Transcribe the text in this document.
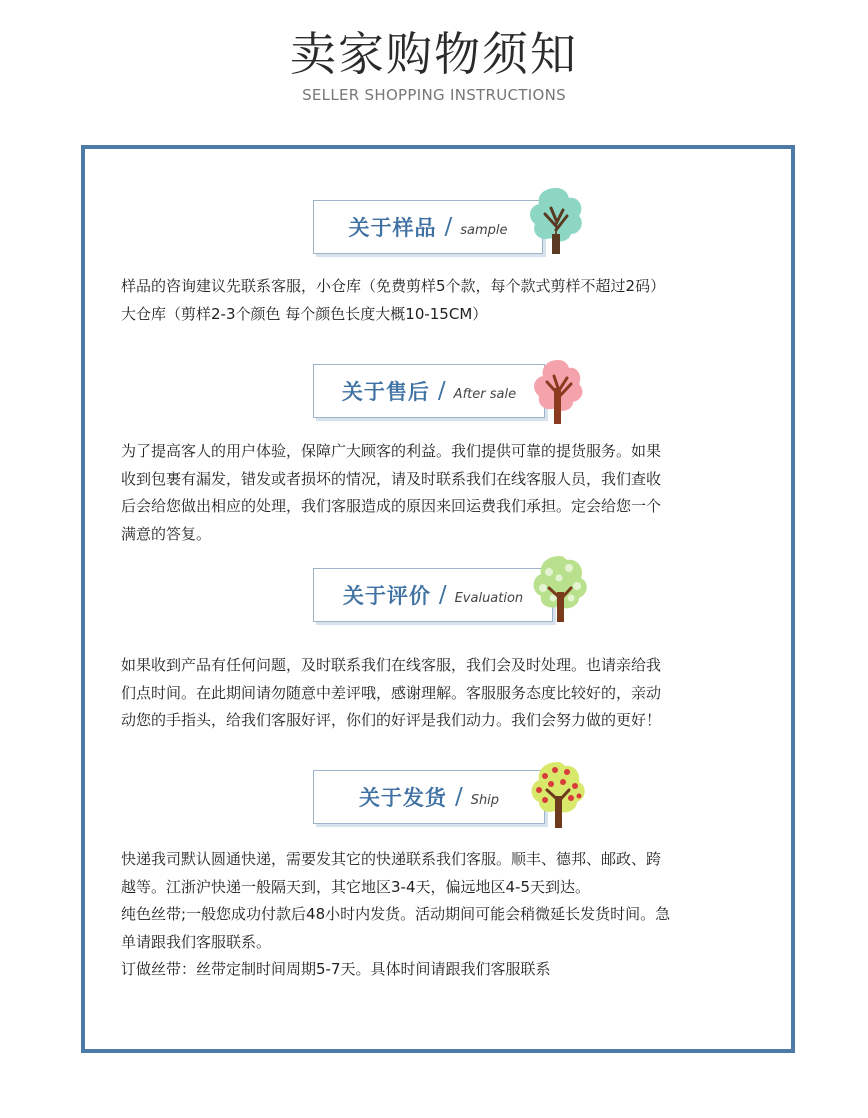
卖家购物须知
SELLER SHOPPING INSTRUCTIONS
关于样品 / sample

样品的咨询建议先联系客服，小仓库（免费剪样5个款，每个款式剪样不超过2码）

大仓库（剪样2-3个颜色 每个颜色长度大概10-15CM）

关于售后 / After sale

为了提高客人的用户体验，保障广大顾客的利益。我们提供可靠的提货服务。如果

收到包裹有漏发，错发或者损坏的情况，请及时联系我们在线客服人员，我们查收

后会给您做出相应的处理，我们客服造成的原因来回运费我们承担。定会给您一个

满意的答复。

关于评价 / Evaluation

如果收到产品有任何问题，及时联系我们在线客服，我们会及时处理。也请亲给我

们点时间。在此期间请勿随意中差评哦，感谢理解。客服服务态度比较好的，亲动

动您的手指头，给我们客服好评，你们的好评是我们动力。我们会努力做的更好！

关于发货 / Ship

快递我司默认圆通快递，需要发其它的快递联系我们客服。顺丰、德邦、邮政、跨

越等。江浙沪快递一般隔天到，其它地区3-4天，偏远地区4-5天到达。

纯色丝带;一般您成功付款后48小时内发货。活动期间可能会稍微延长发货时间。急

单请跟我们客服联系。

订做丝带：丝带定制时间周期5-7天。具体时间请跟我们客服联系
